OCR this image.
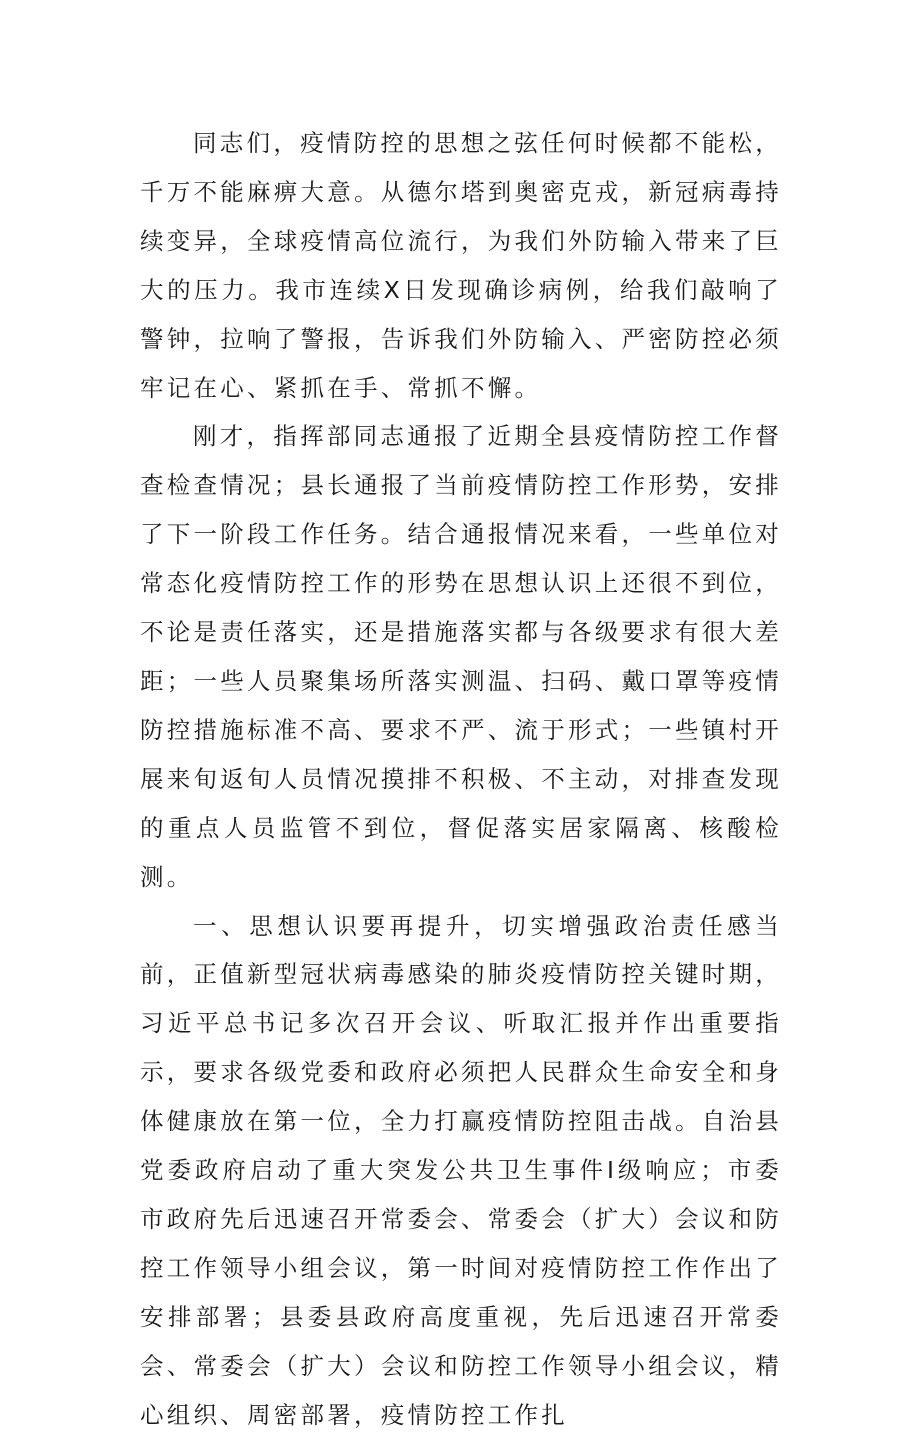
同志们，疫情防控的思想之弦任何时候都不能松，千万不能麻痹大意。从德尔塔到奥密克戎，新冠病毒持续变异，全球疫情高位流行，为我们外防输入带来了巨大的压力。我市连续X日发现确诊病例，给我们敲响了警钟，拉响了警报，告诉我们外防输入、严密防控必须牢记在心、紧抓在手、常抓不懈。

刚才，指挥部同志通报了近期全县疫情防控工作督查检查情况；县长通报了当前疫情防控工作形势，安排了下一阶段工作任务。结合通报情况来看，一些单位对常态化疫情防控工作的形势在思想认识上还很不到位，不论是责任落实，还是措施落实都与各级要求有很大差距；一些人员聚集场所落实测温、扫码、戴口罩等疫情防控措施标准不高、要求不严、流于形式；一些镇村开展来旬返旬人员情况摸排不积极、不主动，对排查发现的重点人员监管不到位，督促落实居家隔离、核酸检测。

一、思想认识要再提升，切实增强政治责任感当前，正值新型冠状病毒感染的肺炎疫情防控关键时期，习近平总书记多次召开会议、听取汇报并作出重要指示，要求各级党委和政府必须把人民群众生命安全和身体健康放在第一位，全力打赢疫情防控阻击战。自治县党委政府启动了重大突发公共卫生事件Ⅰ级响应；市委市政府先后迅速召开常委会、常委会（扩大）会议和防控工作领导小组会议，第一时间对疫情防控工作作出了安排部署；县委县政府高度重视，先后迅速召开常委会、常委会（扩大）会议和防控工作领导小组会议，精心组织、周密部署，疫情防控工作扎
